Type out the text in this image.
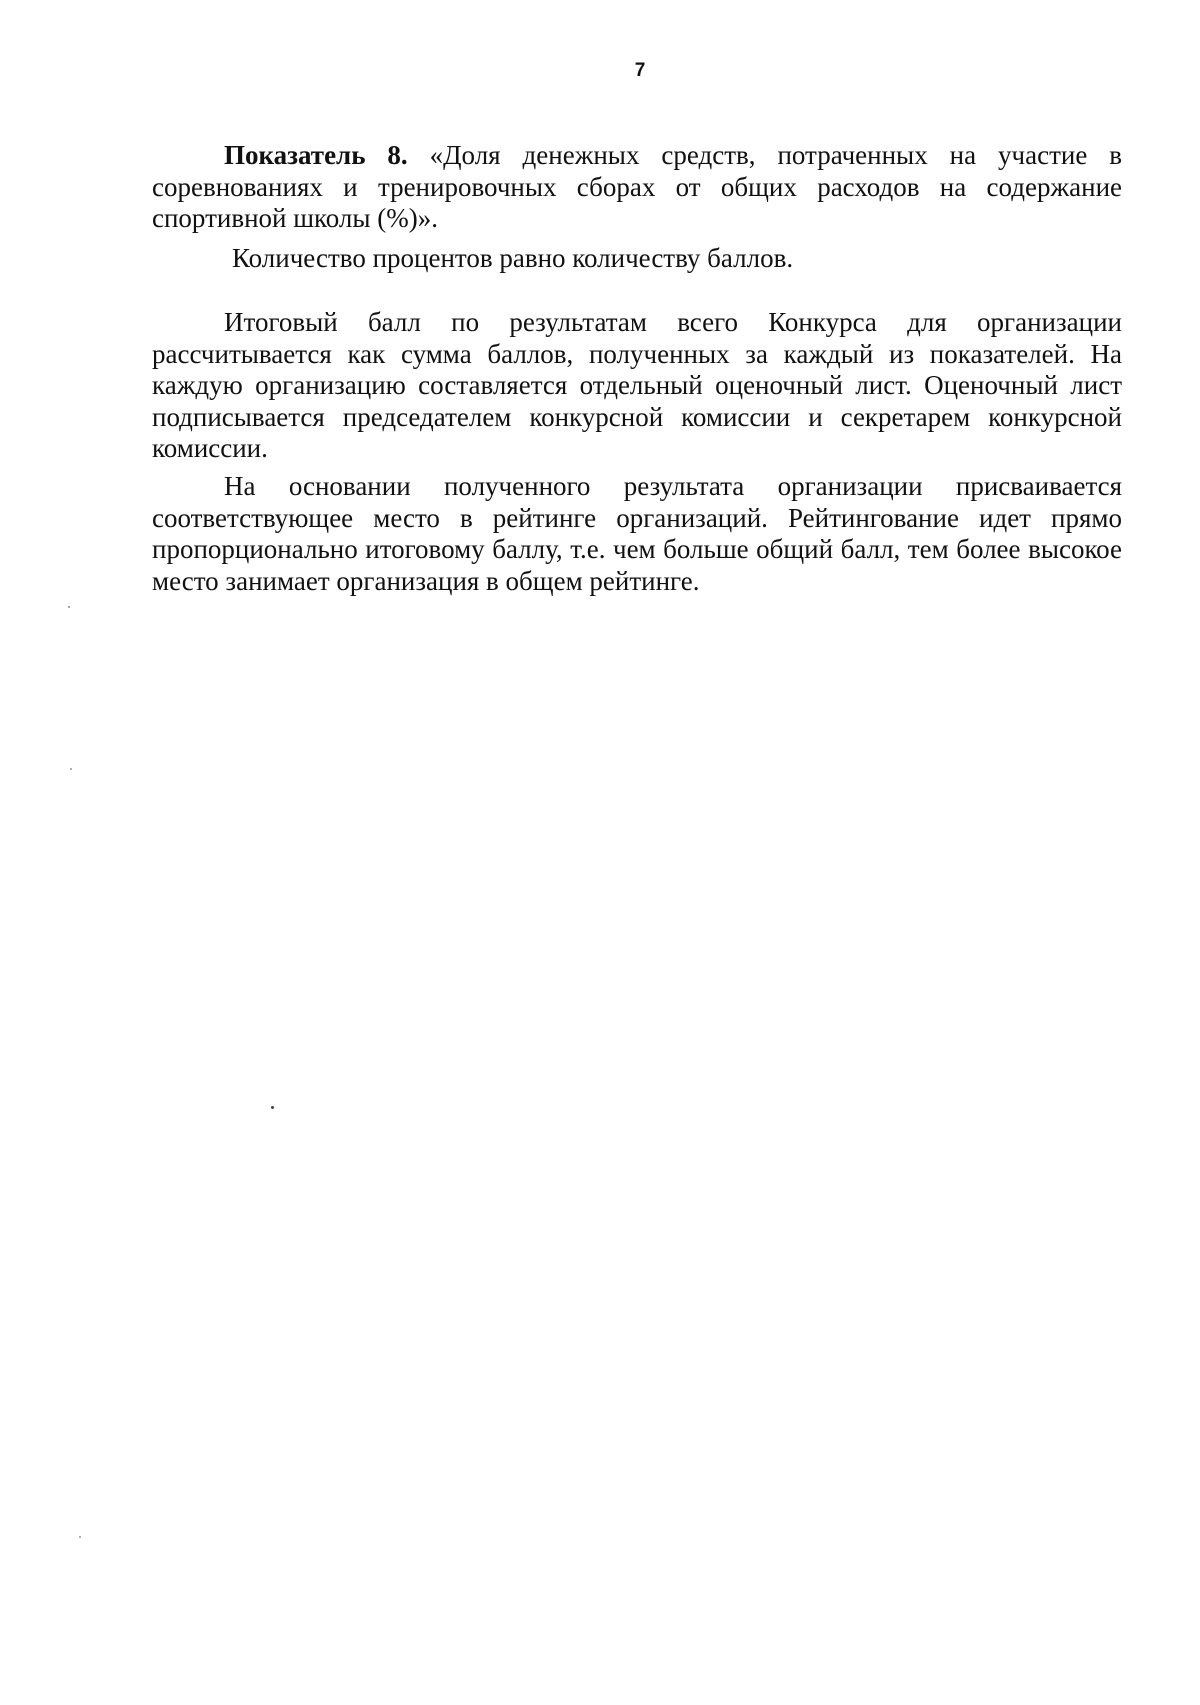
7

Показатель 8. «Доля денежных средств, потраченных на участие в соревнованиях и тренировочных сборах от общих расходов на содержание спортивной школы (%)».

Количество процентов равно количеству баллов.

Итоговый балл по результатам всего Конкурса для организации рассчитывается как сумма баллов, полученных за каждый из показателей. На каждую организацию составляется отдельный оценочный лист. Оценочный лист подписывается председателем конкурсной комиссии и секретарем конкурсной комиссии.

На основании полученного результата организации присваивается соответствующее место в рейтинге организаций. Рейтингование идет прямо пропорционально итоговому баллу, т.е. чем больше общий балл, тем более высокое место занимает организация в общем рейтинге.
